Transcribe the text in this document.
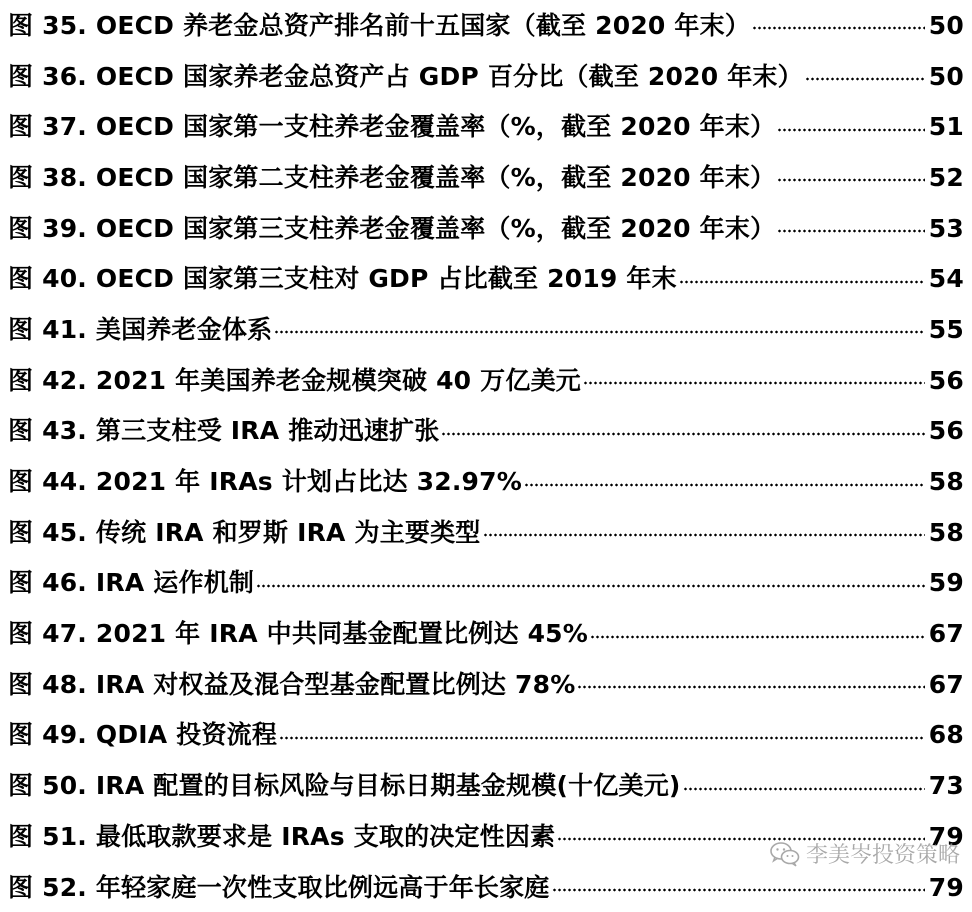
图 35. OECD 养老金总资产排名前十五国家（截至 2020 年末）	50
图 36. OECD 国家养老金总资产占 GDP 百分比（截至 2020 年末）	50
图 37. OECD 国家第一支柱养老金覆盖率（%，截至 2020 年末）	51
图 38. OECD 国家第二支柱养老金覆盖率（%，截至 2020 年末）	52
图 39. OECD 国家第三支柱养老金覆盖率（%，截至 2020 年末）	53
图 40. OECD 国家第三支柱对 GDP 占比截至 2019 年末	54
图 41. 美国养老金体系	55
图 42. 2021 年美国养老金规模突破 40 万亿美元	56
图 43. 第三支柱受 IRA 推动迅速扩张	56
图 44. 2021 年 IRAs 计划占比达 32.97%	58
图 45. 传统 IRA 和罗斯 IRA 为主要类型	58
图 46. IRA 运作机制	59
图 47. 2021 年 IRA 中共同基金配置比例达 45%	67
图 48. IRA 对权益及混合型基金配置比例达 78%	67
图 49. QDIA 投资流程	68
图 50. IRA 配置的目标风险与目标日期基金规模(十亿美元)	73
图 51. 最低取款要求是 IRAs 支取的决定性因素	79
图 52. 年轻家庭一次性支取比例远高于年长家庭	79
李美岑投资策略
